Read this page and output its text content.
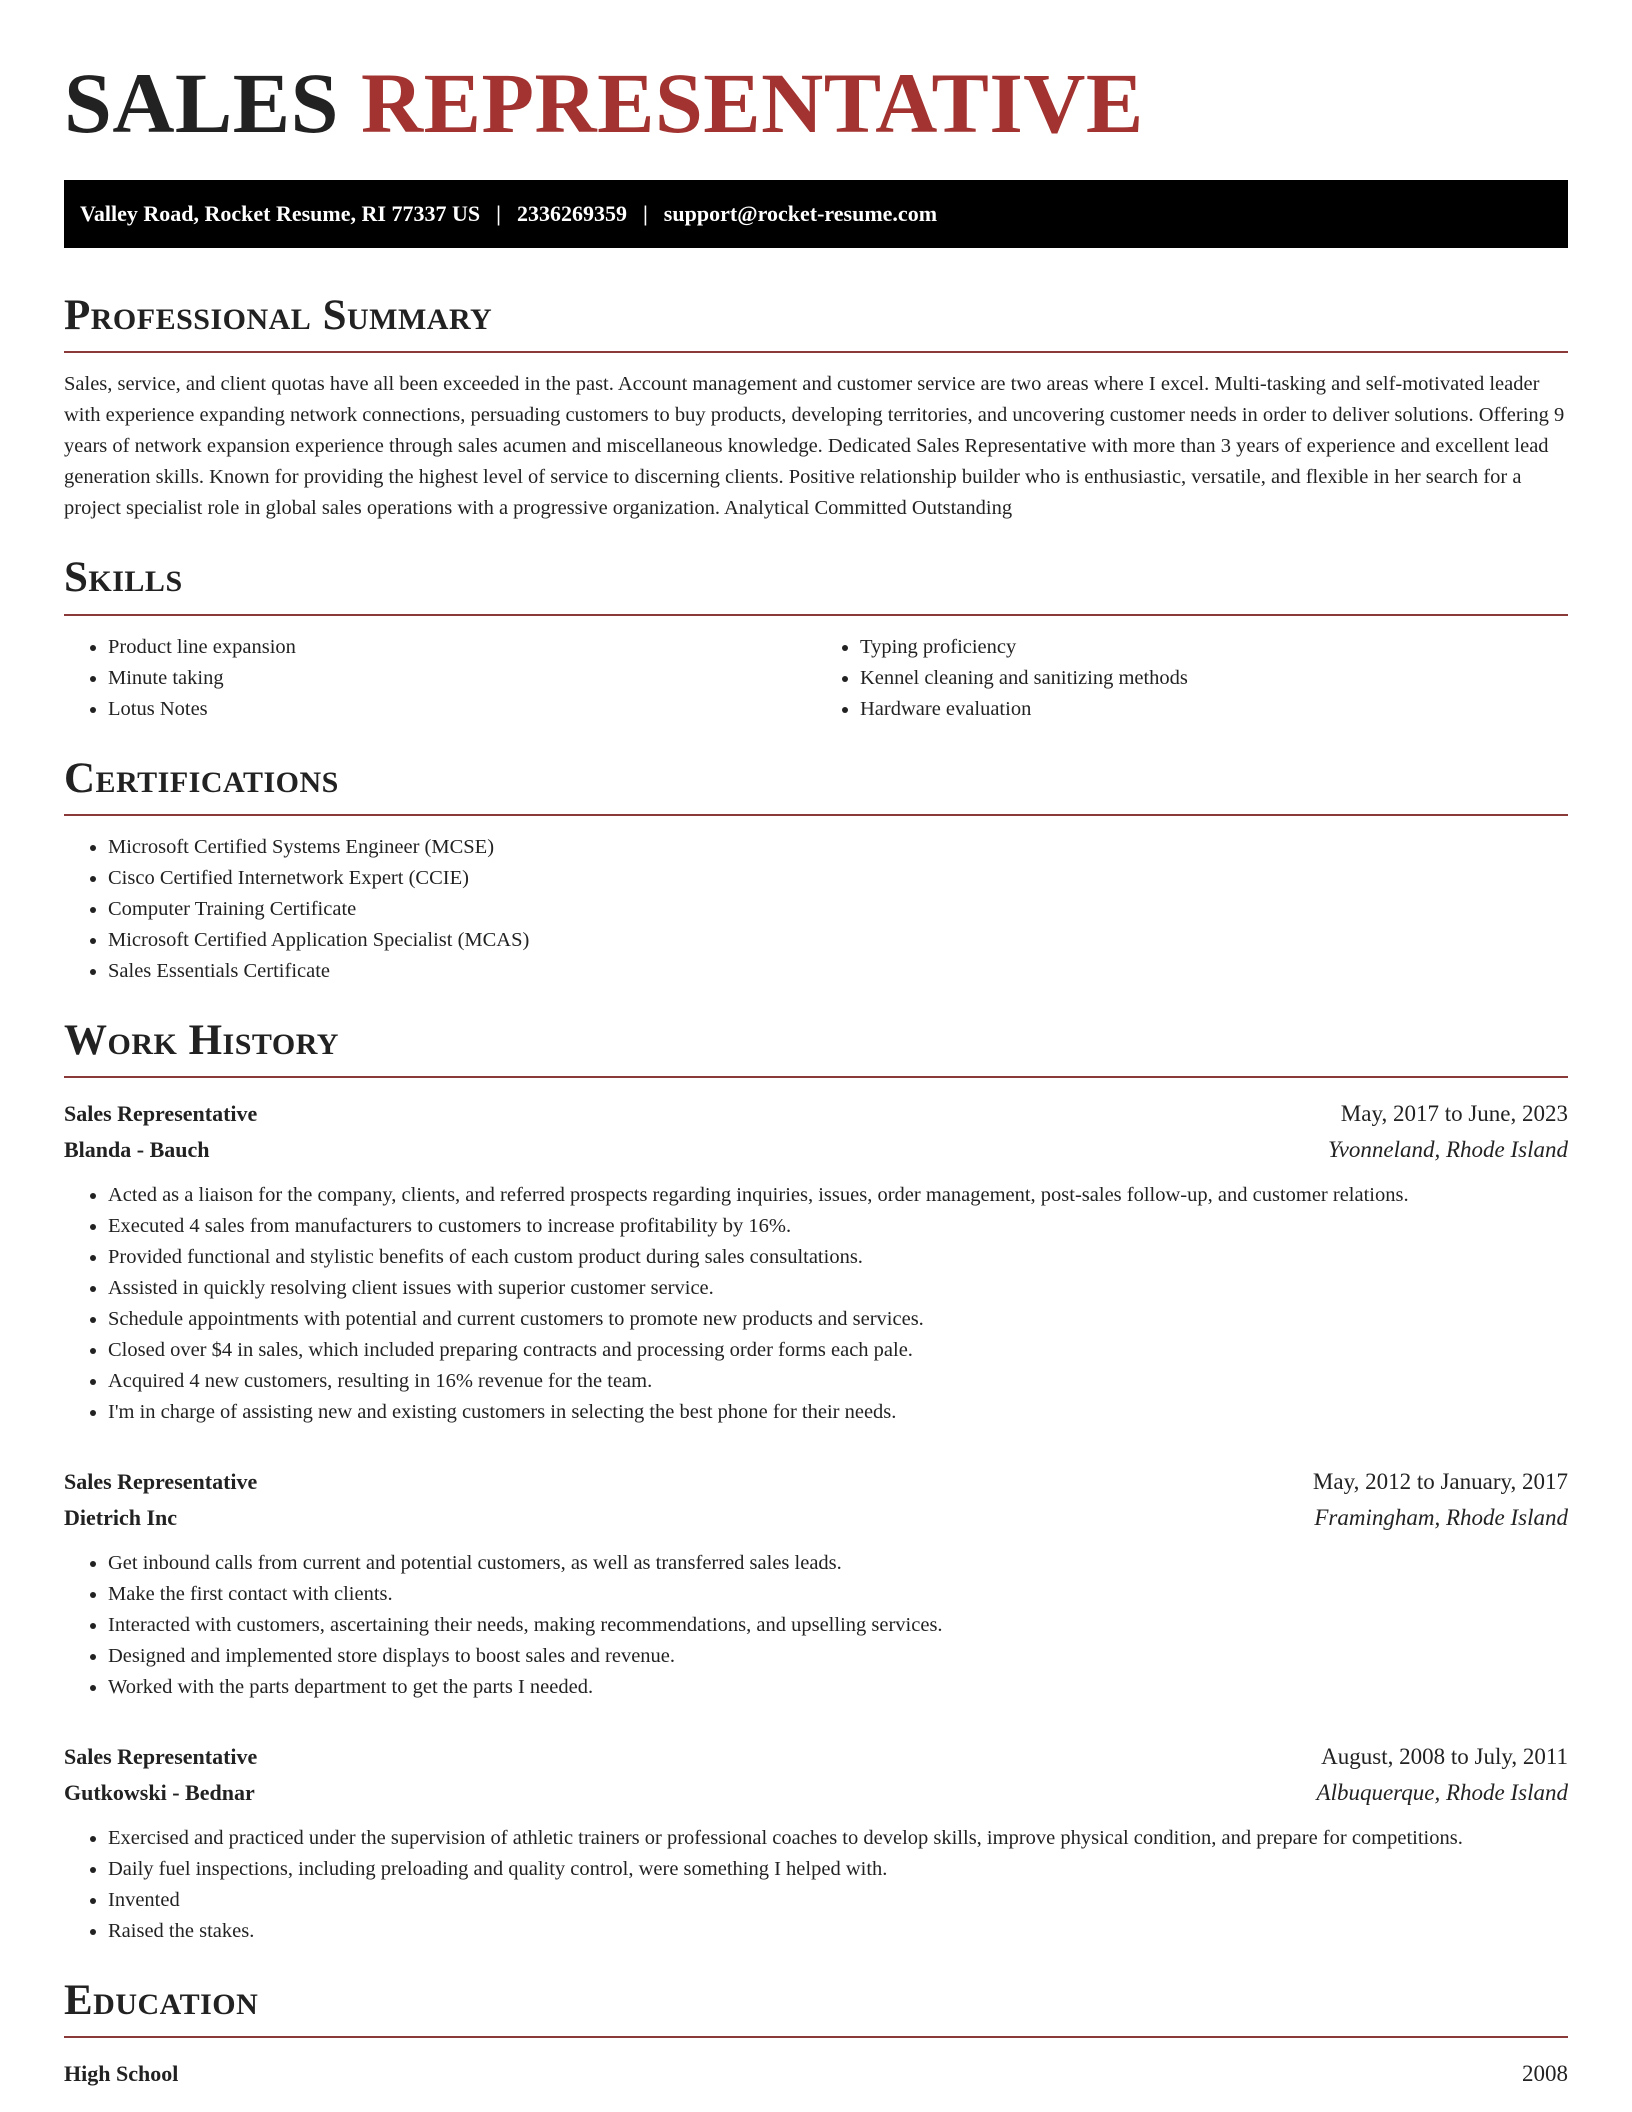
SALES REPRESENTATIVE
Valley Road, Rocket Resume, RI 77337 US | 2336269359 | support@rocket-resume.com
Professional Summary

Sales, service, and client quotas have all been exceeded in the past. Account management and customer service are two areas where I excel. Multi-tasking and self-motivated leader with experience expanding network connections, persuading customers to buy products, developing territories, and uncovering customer needs in order to deliver solutions. Offering 9 years of network expansion experience through sales acumen and miscellaneous knowledge. Dedicated Sales Representative with more than 3 years of experience and excellent lead generation skills. Known for providing the highest level of service to discerning clients. Positive relationship builder who is enthusiastic, versatile, and flexible in her search for a project specialist role in global sales operations with a progressive organization. Analytical Committed Outstanding

Skills
• Product line expansion
• Minute taking
• Lotus Notes
• Typing proficiency
• Kennel cleaning and sanitizing methods
• Hardware evaluation
Certifications
• Microsoft Certified Systems Engineer (MCSE)
• Cisco Certified Internetwork Expert (CCIE)
• Computer Training Certificate
• Microsoft Certified Application Specialist (MCAS)
• Sales Essentials Certificate
Work History
Sales Representative	May, 2017 to June, 2023
Blanda - Bauch	Yvonneland, Rhode Island
• Acted as a liaison for the company, clients, and referred prospects regarding inquiries, issues, order management, post-sales follow-up, and customer relations.
• Executed 4 sales from manufacturers to customers to increase profitability by 16%.
• Provided functional and stylistic benefits of each custom product during sales consultations.
• Assisted in quickly resolving client issues with superior customer service.
• Schedule appointments with potential and current customers to promote new products and services.
• Closed over $4 in sales, which included preparing contracts and processing order forms each pale.
• Acquired 4 new customers, resulting in 16% revenue for the team.
• I'm in charge of assisting new and existing customers in selecting the best phone for their needs.
Sales Representative	May, 2012 to January, 2017
Dietrich Inc	Framingham, Rhode Island
• Get inbound calls from current and potential customers, as well as transferred sales leads.
• Make the first contact with clients.
• Interacted with customers, ascertaining their needs, making recommendations, and upselling services.
• Designed and implemented store displays to boost sales and revenue.
• Worked with the parts department to get the parts I needed.
Sales Representative	August, 2008 to July, 2011
Gutkowski - Bednar	Albuquerque, Rhode Island
• Exercised and practiced under the supervision of athletic trainers or professional coaches to develop skills, improve physical condition, and prepare for competitions.
• Daily fuel inspections, including preloading and quality control, were something I helped with.
• Invented
• Raised the stakes.
Education
High School	2008
